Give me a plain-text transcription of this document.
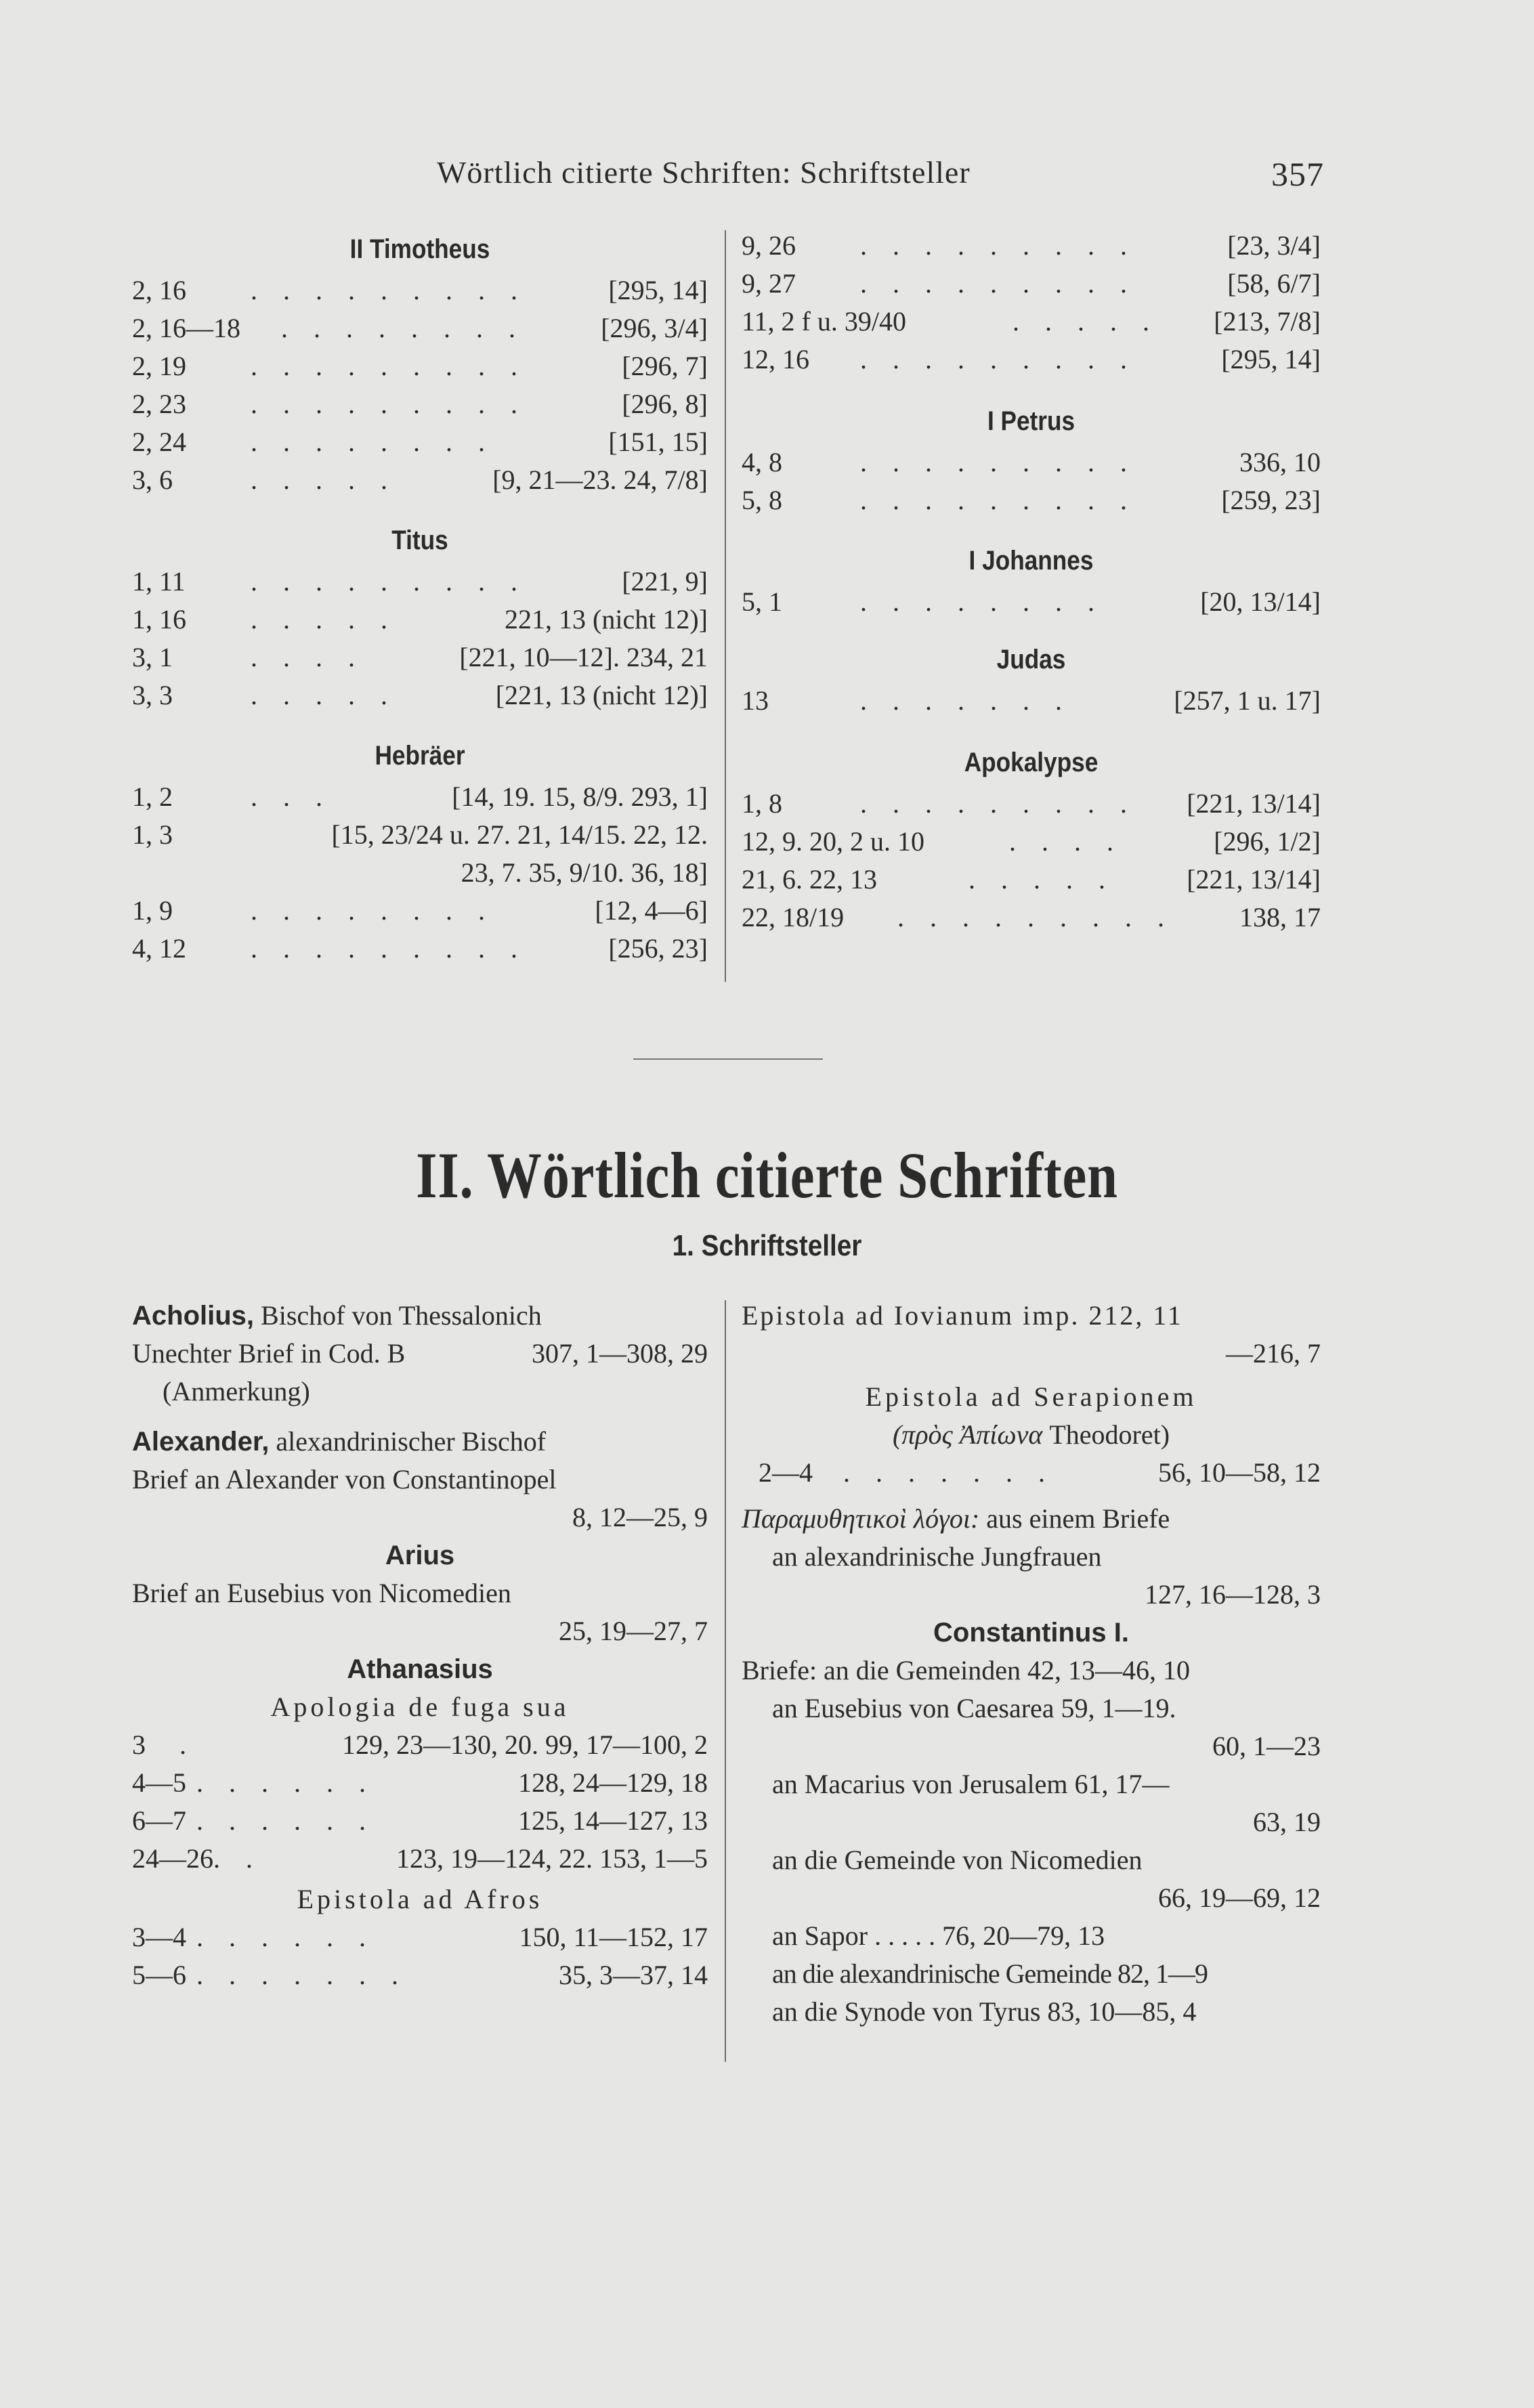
Wörtlich citierte Schriften: Schriftsteller	357
II Timotheus
2, 16 . . . . . . . . .	[295, 14]
2, 16—18 . . . . . . . .	[296, 3/4]
2, 19 . . . . . . . . .	[296, 7]
2, 23 . . . . . . . . .	[296, 8]
2, 24 . . . . . . . .	[151, 15]
3, 6	. . . . .	[9, 21—23. 24, 7/8]
Titus
1, 11 . . . . . . . . .	[221, 9]
1, 16 . . . . .	221, 13 (nicht 12)]
3, 1	. . . .	[221, 10—12]. 234, 21
3, 3	. . . . .	[221, 13 (nicht 12)]
Hebräer
1, 2	. . .	[14, 19. 15, 8/9. 293, 1]
1, 3	[15, 23/24 u. 27. 21, 14/15. 22, 12.
23, 7. 35, 9/10. 36, 18]
1, 9	. . . . . . . .	[12, 4—6]
4, 12 . . . . . . . . .	[256, 23]
9, 26 . . . . . . . . .	[23, 3/4]
9, 27 . . . . . . . . .	[58, 6/7]
11, 2 f u. 39/40	. . . . . [213, 7/8]
12, 16 . . . . . . . . .	[295, 14]
I Petrus
4, 8	. . . . . . . . .	336, 10
5, 8	. . . . . . . . .	[259, 23]
I Johannes
5, 1	. . . . . . . .	[20, 13/14]
Judas
13	. . . . . . .	[257, 1 u. 17]
Apokalypse
1, 8	. . . . . . . . . [221, 13/14]
12, 9. 20, 2 u. 10	. . . .	[296, 1/2]
21, 6. 22, 13	. . . . .	[221, 13/14]
22, 18/19 . . . . . . . . . 138, 17
II. Wörtlich citierte Schriften
1. Schriftsteller
Acholius, Bischof von Thessalonich
Unechter Brief in Cod. B	307, 1—308, 29
(Anmerkung)
Alexander, alexandrinischer Bischof
Brief an Alexander von Constantinopel
8, 12—25, 9
Arius
Brief an Eusebius von Nicomedien
25, 19—27, 7
Athanasius
Apologia de fuga sua
3 .	129, 23—130, 20. 99, 17—100, 2
4—5 . . . . . .	128, 24—129, 18
6—7 . . . . . .	125, 14—127, 13
24—26 . .	123, 19—124, 22. 153, 1—5
Epistola ad Afros
3—4 . . . . . .	150, 11—152, 17
5—6 . . . . . . .	35, 3—37, 14
Epistola ad Iovianum imp. 212, 11
—216, 7
Epistola ad Serapionem
(πρὸς Ἀπίωνα Theodoret)
2—4 . . . . . . .	56, 10—58, 12
Παραμυθητικοὶ λόγοι: aus einem Briefe
an alexandrinische Jungfrauen
127, 16—128, 3
Constantinus I.
Briefe: an die Gemeinden 42, 13—46, 10
an Eusebius von Caesarea 59, 1—19.
60, 1—23
an Macarius von Jerusalem 61, 17—
63, 19
an die Gemeinde von Nicomedien
66, 19—69, 12
an Sapor . . . . . 76, 20—79, 13
an die alexandrinische Gemeinde 82, 1—9
an die Synode von Tyrus 83, 10—85, 4
